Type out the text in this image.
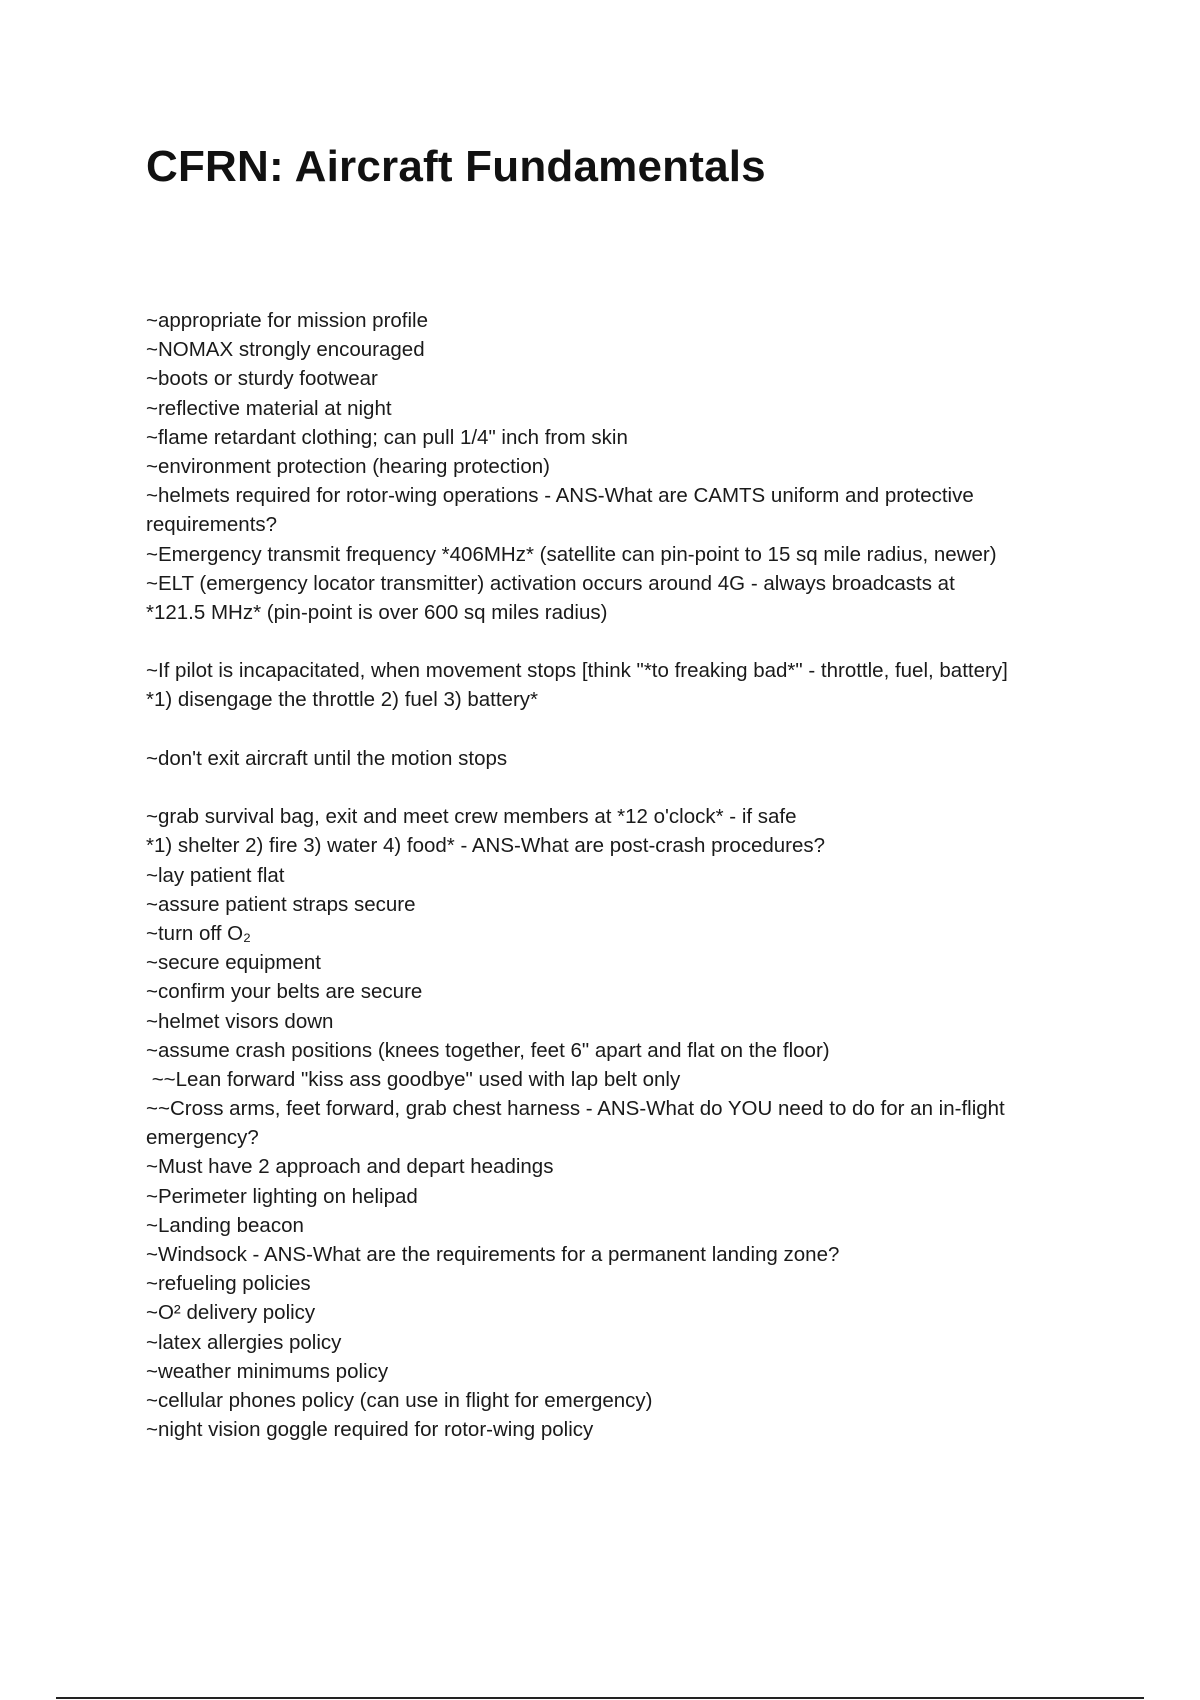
CFRN: Aircraft Fundamentals
~appropriate for mission profile
~NOMAX strongly encouraged
~boots or sturdy footwear
~reflective material at night
~flame retardant clothing; can pull 1/4" inch from skin
~environment protection (hearing protection)
~helmets required for rotor-wing operations - ANS-What are CAMTS uniform and protective
requirements?
~Emergency transmit frequency *406MHz* (satellite can pin-point to 15 sq mile radius, newer)
~ELT (emergency locator transmitter) activation occurs around 4G - always broadcasts at
*121.5 MHz* (pin-point is over 600 sq miles radius)
~If pilot is incapacitated, when movement stops [think "*to freaking bad*" - throttle, fuel, battery]
*1) disengage the throttle 2) fuel 3) battery*
~don't exit aircraft until the motion stops
~grab survival bag, exit and meet crew members at *12 o'clock* - if safe
*1) shelter 2) fire 3) water 4) food* - ANS-What are post-crash procedures?
~lay patient flat
~assure patient straps secure
~turn off O₂
~secure equipment
~confirm your belts are secure
~helmet visors down
~assume crash positions (knees together, feet 6" apart and flat on the floor)
~~Lean forward "kiss ass goodbye" used with lap belt only
~~Cross arms, feet forward, grab chest harness - ANS-What do YOU need to do for an in-flight
emergency?
~Must have 2 approach and depart headings
~Perimeter lighting on helipad
~Landing beacon
~Windsock - ANS-What are the requirements for a permanent landing zone?
~refueling policies
~O² delivery policy
~latex allergies policy
~weather minimums policy
~cellular phones policy (can use in flight for emergency)
~night vision goggle required for rotor-wing policy
